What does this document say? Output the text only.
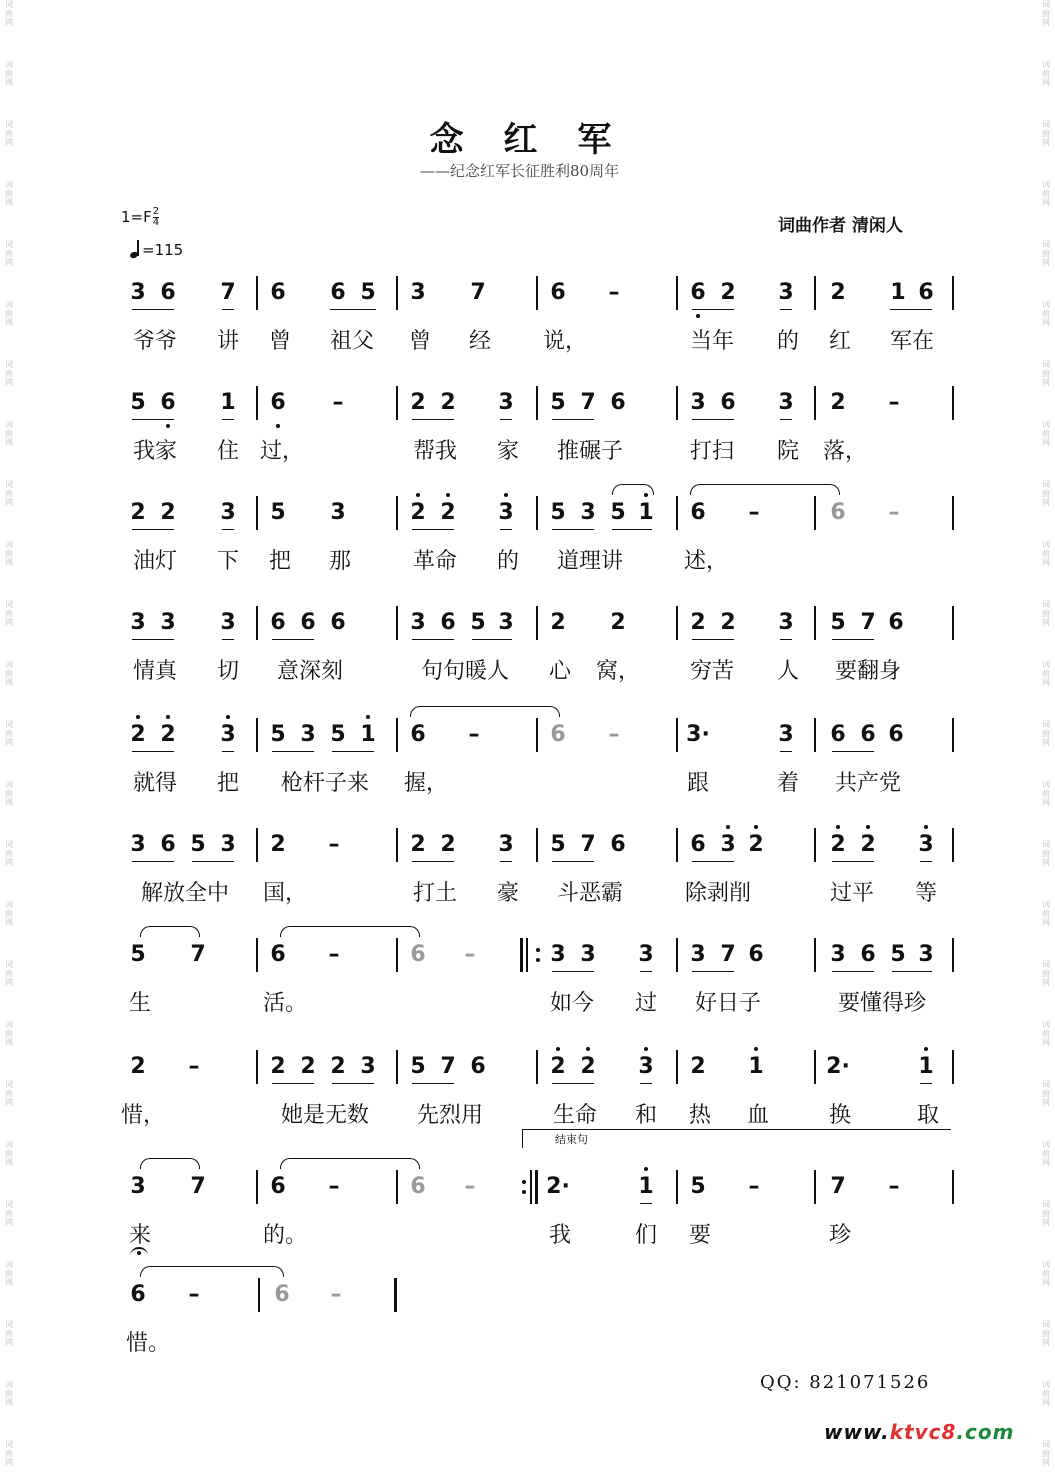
词
曲
网
词
曲
网
词
曲
网
词
曲
网
词
曲
网
词
曲
网
词
曲
网
词
曲
网
词
曲
网
词
曲
网
词
曲
网
词
曲
网
词
曲
网
词
曲
网
词
曲
网
词
曲
网
词
曲
网
词
曲
网
词
曲
网
词
曲
网
词
曲
网
词
曲
网
词
曲
网
词
曲
网
词
曲
网
词
曲
网
词
曲
网
词
曲
网
词
曲
网
词
曲
网
词
曲
网
词
曲
网
词
曲
网
词
曲
网
词
曲
网
词
曲
网
词
曲
网
词
曲
网
词
曲
网
词
曲
网
词
曲
网
词
曲
网
词
曲
网
词
曲
网
词
曲
网
词
曲
网
词
曲
网
词
曲
网
词
曲
网
词
曲
网
念 红 军
——纪念红军长征胜利80周年
$1=F \frac{2}{4}$
=115
词曲作者 清闲人
3 6 7 6 6 5 3 7	6 –	6 2 3 2 1 6
爷爷 讲 曾 祖父 曾 经 说，	当年 的 红 军在
5 6 1 6 –	2 2 3 5 7 6	3 6 3 2 –
我家 住 过，	帮我 家 推碾子	打扫 院 落，
2 2 3 5 3	2 2 3 5 3 5 1 6 –	6 –
油灯 下 把 那	革命 的 道理讲	述，
3 3 3 6 6 6	3 6 5 3 2 2	2 2 3 5 7 6
情真 切 意深刻	句句暖人 心 窝， 穷苦 人 要翻身
2 2 3 5 3 5 1 6 –	6 –	3·	3 6 6 6
就得 把 枪杆子来 握，	跟	着 共产党
3 6 5 3 2 –	2 2 3 5 7 6	6 3 2	2 2 3
解放全中 国，	打土 豪 斗恶霸	除剥削	过平 等
5 7	6 –	6 –	3 3 3 3 7 6	3 6 5 3
生	活。	如今 过 好日子	要懂得珍
2 –	2 2 2 3 5 7 6	2 2 3 2 1	2·	1
惜，	她是无数 先烈用	生命 和 热 血	换	取
3 7	6 –	6 –	2·	1 5 –	7 –
来	的。	我	们 要	珍
6 –	6 –
惜。
结束句
QQ: 821071526
www.ktvc8.com
